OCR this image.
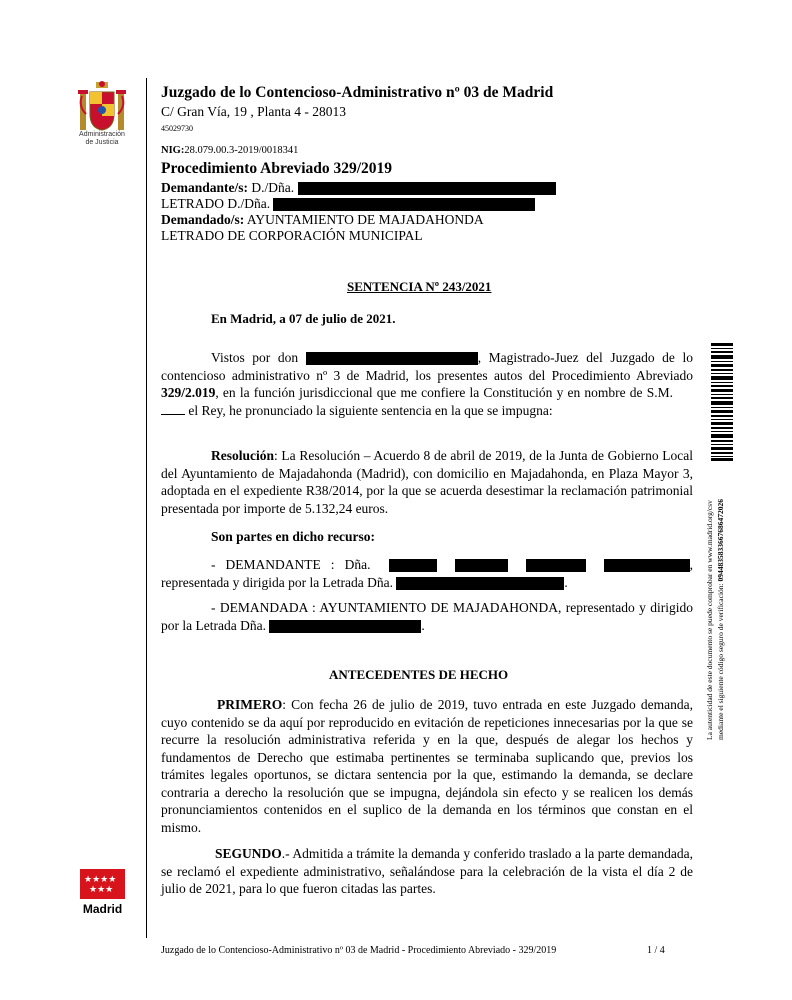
Administración
de Justicia
★★★★
★★★
Madrid
Juzgado de lo Contencioso-Administrativo nº 03 de Madrid
C/ Gran Vía, 19 , Planta 4 - 28013
45029730
NIG:28.079.00.3-2019/0018341
Procedimiento Abreviado 329/2019
Demandante/s: D./Dña.
LETRADO D./Dña.
Demandado/s: AYUNTAMIENTO DE MAJADAHONDA
LETRADO DE CORPORACIÓN MUNICIPAL
SENTENCIA Nº 243/2021
En Madrid, a 07 de julio de 2021.
Vistos por don	, Magistrado-Juez del Juzgado de lo contencioso administrativo nº 3 de Madrid, los presentes autos del Procedimiento Abreviado 329/2.019, en la función jurisdiccional que me confiere la Constitución y en nombre de S.M.      el Rey, he pronunciado la siguiente sentencia en la que se impugna:
Resolución: La Resolución – Acuerdo 8 de abril de 2019, de la Junta de Gobierno Local del Ayuntamiento de Majadahonda (Madrid), con domicilio en Majadahonda, en Plaza Mayor 3, adoptada en el expediente R38/2014, por la que se acuerda desestimar la reclamación patrimonial presentada por importe de 5.132,24 euros.
Son partes en dicho recurso:
- DEMANDANTE : Dña.	, representada y dirigida por la Letrada Dña.	.
- DEMANDADA : AYUNTAMIENTO DE MAJADAHONDA, representado y dirigido por la Letrada Dña.	.
ANTECEDENTES DE HECHO
PRIMERO: Con fecha 26 de julio de 2019, tuvo entrada en este Juzgado demanda, cuyo contenido se da aquí por reproducido en evitación de repeticiones innecesarias por la que se recurre la resolución administrativa referida y en la que, después de alegar los hechos y fundamentos de Derecho que estimaba pertinentes se terminaba suplicando que, previos los trámites legales oportunos, se dictara sentencia por la que, estimando la demanda, se declare contraria a derecho la resolución que se impugna, dejándola sin efecto y se realicen los demás pronunciamientos contenidos en el suplico de la demanda en los términos que constan en el mismo.
SEGUNDO.- Admitida a trámite la demanda y conferido traslado a la parte demandada, se reclamó el expediente administrativo, señalándose para la celebración de la vista el día 2 de julio de 2021, para lo que fueron citadas las partes.
La autenticidad de este documento se puede comprobar en www.madrid.org/csv mediante el siguiente código seguro de verificación: 0944835833667686472026
Juzgado de lo Contencioso-Administrativo nº 03 de Madrid - Procedimiento Abreviado - 329/2019	1 / 4
